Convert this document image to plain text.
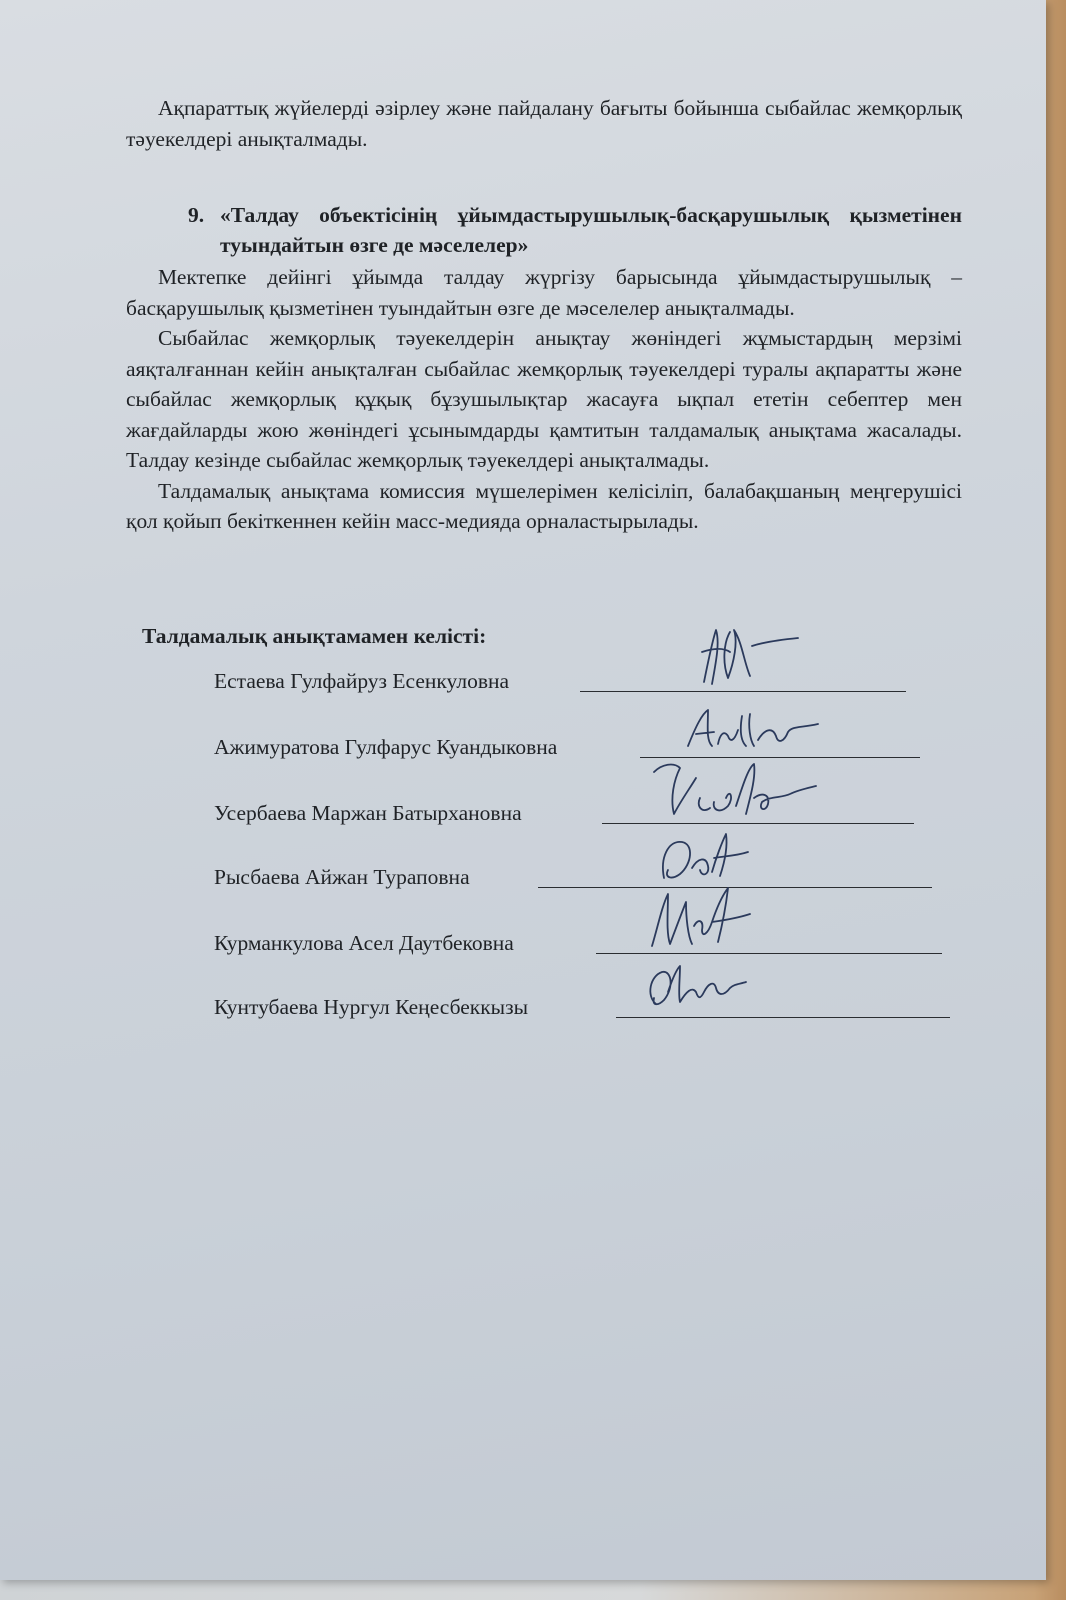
Ақпараттық жүйелерді әзірлеу және пайдалану бағыты бойынша сыбайлас жемқорлық тәуекелдері анықталмады.

9. «Талдау объектісінің ұйымдастырушылық-басқарушылық қызметінен туындайтын өзге де мәселелер»

Мектепке дейінгі ұйымда талдау жүргізу барысында ұйымдастырушылық – басқарушылық қызметінен туындайтын өзге де мәселелер анықталмады.

Сыбайлас жемқорлық тәуекелдерін анықтау жөніндегі жұмыстардың мерзімі аяқталғаннан кейін анықталған сыбайлас жемқорлық тәуекелдері туралы ақпаратты және сыбайлас жемқорлық құқық бұзушылықтар жасауға ықпал ететін себептер мен жағдайларды жою жөніндегі ұсынымдарды қамтитын талдамалық анықтама жасалады. Талдау кезінде сыбайлас жемқорлық тәуекелдері анықталмады.

Талдамалық анықтама комиссия мүшелерімен келісіліп, балабақшаның меңгерушісі қол қойып бекіткеннен кейін масс-медияда орналастырылады.

Талдамалық анықтамамен келісті:
Естаева Гулфайруз Есенкуловна
Ажимуратова Гулфарус Куандыковна
Усербаева Маржан Батырхановна
Рысбаева Айжан Тураповна
Курманкулова Асел Даутбековна
Кунтубаева Нургул Кеңесбеккызы
